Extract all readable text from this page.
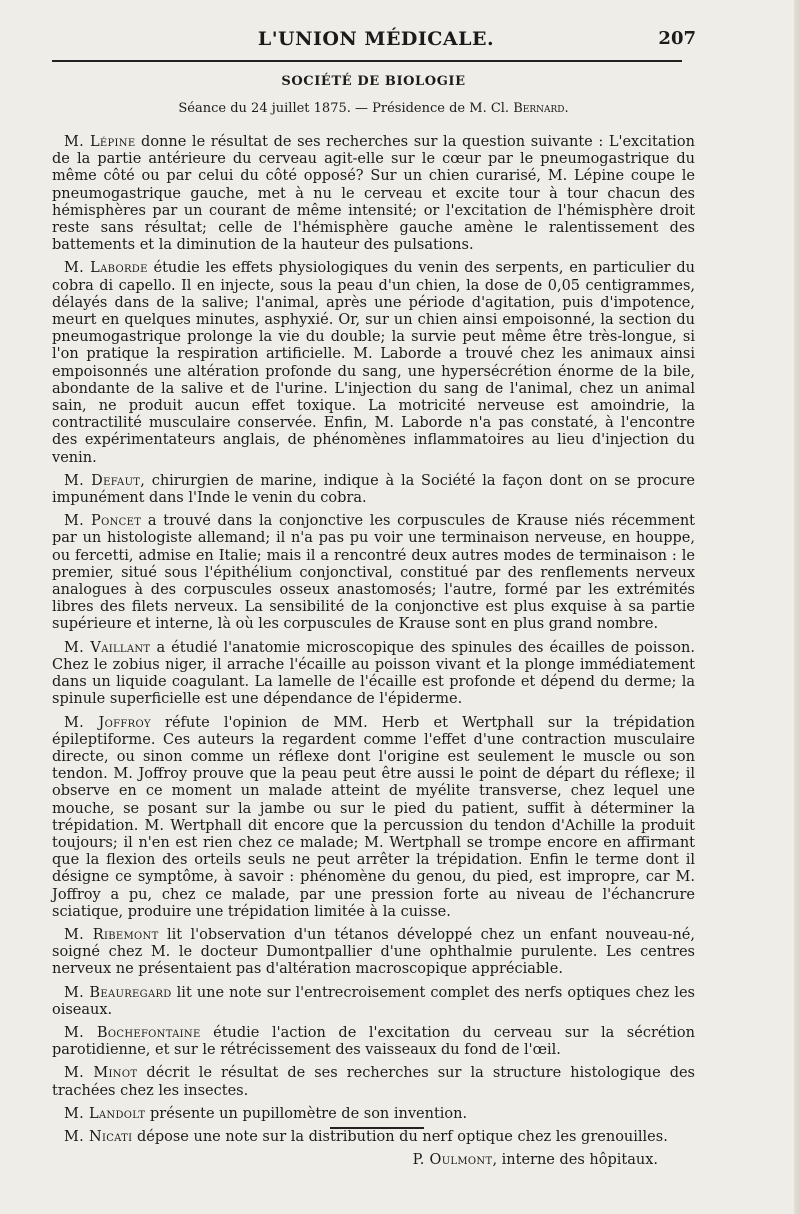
L'UNION MÉDICALE.	207
SOCIÉTÉ DE BIOLOGIE
Séance du 24 juillet 1875. — Présidence de M. Cl. Bernard.

M. Lépine donne le résultat de ses recherches sur la question suivante : L'excitation de la partie antérieure du cerveau agit-elle sur le cœur par le pneumogastrique du même côté ou par celui du côté opposé? Sur un chien curarisé, M. Lépine coupe le pneumogastrique gauche, met à nu le cerveau et excite tour à tour chacun des hémisphères par un courant de même intensité; or l'excitation de l'hémisphère droit reste sans résultat; celle de l'hémisphère gauche amène le ralentissement des battements et la diminution de la hauteur des pulsations.

M. Laborde étudie les effets physiologiques du venin des serpents, en particulier du cobra di capello. Il en injecte, sous la peau d'un chien, la dose de 0,05 centigrammes, délayés dans de la salive; l'animal, après une période d'agitation, puis d'impotence, meurt en quelques minutes, asphyxié. Or, sur un chien ainsi empoisonné, la section du pneumogastrique prolonge la vie du double; la survie peut même être très-longue, si l'on pratique la respiration artificielle. M. Laborde a trouvé chez les animaux ainsi empoisonnés une altération profonde du sang, une hypersécrétion énorme de la bile, abondante de la salive et de l'urine. L'injection du sang de l'animal, chez un animal sain, ne produit aucun effet toxique. La motricité nerveuse est amoindrie, la contractilité musculaire conservée. Enfin, M. Laborde n'a pas constaté, à l'encontre des expérimentateurs anglais, de phénomènes inflammatoires au lieu d'injection du venin.

M. Defaut, chirurgien de marine, indique à la Société la façon dont on se procure impunément dans l'Inde le venin du cobra.

M. Poncet a trouvé dans la conjonctive les corpuscules de Krause niés récemment par un histologiste allemand; il n'a pas pu voir une terminaison nerveuse, en houppe, ou fercetti, admise en Italie; mais il a rencontré deux autres modes de terminaison : le premier, situé sous l'épithélium conjonctival, constitué par des renflements nerveux analogues à des corpuscules osseux anastomosés; l'autre, formé par les extrémités libres des filets nerveux. La sensibilité de la conjonctive est plus exquise à sa partie supérieure et interne, là où les corpuscules de Krause sont en plus grand nombre.

M. Vaillant a étudié l'anatomie microscopique des spinules des écailles de poisson. Chez le zobius niger, il arrache l'écaille au poisson vivant et la plonge immédiatement dans un liquide coagulant. La lamelle de l'écaille est profonde et dépend du derme; la spinule superficielle est une dépendance de l'épiderme.

M. Joffroy réfute l'opinion de MM. Herb et Wertphall sur la trépidation épileptiforme. Ces auteurs la regardent comme l'effet d'une contraction musculaire directe, ou sinon comme un réflexe dont l'origine est seulement le muscle ou son tendon. M. Joffroy prouve que la peau peut être aussi le point de départ du réflexe; il observe en ce moment un malade atteint de myélite transverse, chez lequel une mouche, se posant sur la jambe ou sur le pied du patient, suffit à déterminer la trépidation. M. Wertphall dit encore que la percussion du tendon d'Achille la produit toujours; il n'en est rien chez ce malade; M. Wertphall se trompe encore en affirmant que la flexion des orteils seuls ne peut arrêter la trépidation. Enfin le terme dont il désigne ce symptôme, à savoir : phénomène du genou, du pied, est impropre, car M. Joffroy a pu, chez ce malade, par une pression forte au niveau de l'échancrure sciatique, produire une trépidation limitée à la cuisse.

M. Ribemont lit l'observation d'un tétanos développé chez un enfant nouveau-né, soigné chez M. le docteur Dumontpallier d'une ophthalmie purulente. Les centres nerveux ne présentaient pas d'altération macroscopique appréciable.

M. Beauregard lit une note sur l'entrecroisement complet des nerfs optiques chez les oiseaux.

M. Bochefontaine étudie l'action de l'excitation du cerveau sur la sécrétion parotidienne, et sur le rétrécissement des vaisseaux du fond de l'œil.

M. Minot décrit le résultat de ses recherches sur la structure histologique des trachées chez les insectes.

M. Landolt présente un pupillomètre de son invention.

M. Nicati dépose une note sur la distribution du nerf optique chez les grenouilles.

P. Oulmont, interne des hôpitaux.
